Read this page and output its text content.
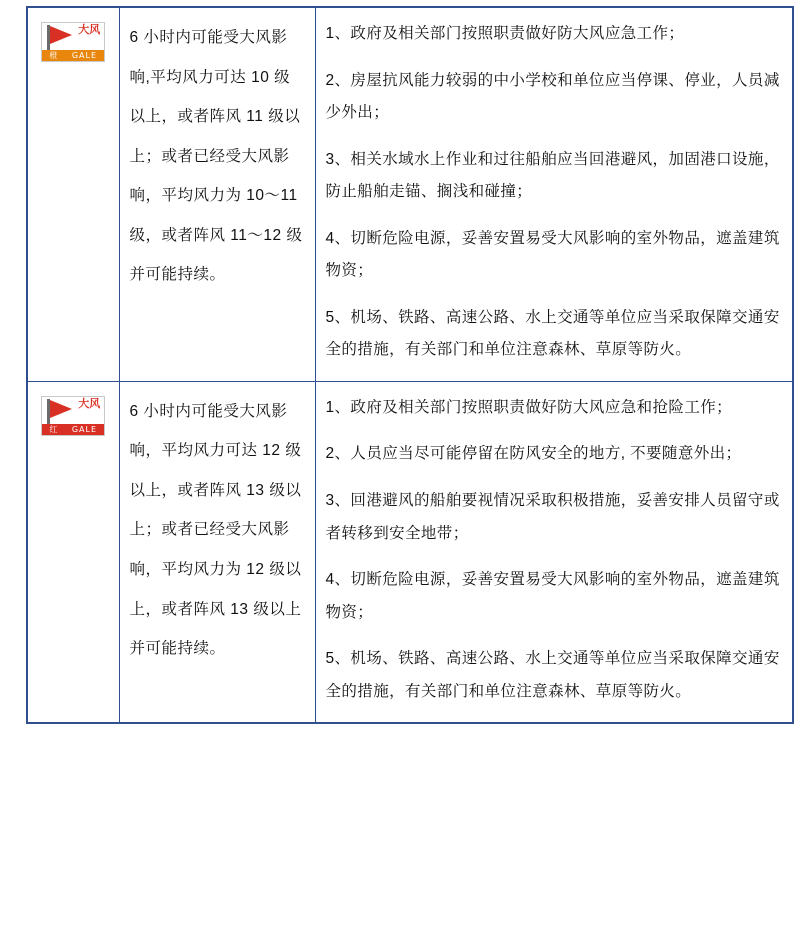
大风
橙	GALE

6 小时内可能受大风影响,平均风力可达 10 级以上，或者阵风 11 级以上；或者已经受大风影响，平均风力为 10～11 级，或者阵风 11～12 级并可能持续。

1、政府及相关部门按照职责做好防大风应急工作；
2、房屋抗风能力较弱的中小学校和单位应当停课、停业，人员减少外出；
3、相关水域水上作业和过往船舶应当回港避风，加固港口设施，防止船舶走锚、搁浅和碰撞；
4、切断危险电源，妥善安置易受大风影响的室外物品，遮盖建筑物资；
5、机场、铁路、高速公路、水上交通等单位应当采取保障交通安全的措施，有关部门和单位注意森林、草原等防火。

大风
红	GALE

6 小时内可能受大风影响，平均风力可达 12 级以上，或者阵风 13 级以上；或者已经受大风影响，平均风力为 12 级以上，或者阵风 13 级以上并可能持续。

1、政府及相关部门按照职责做好防大风应急和抢险工作；
2、人员应当尽可能停留在防风安全的地方, 不要随意外出；
3、回港避风的船舶要视情况采取积极措施，妥善安排人员留守或者转移到安全地带；
4、切断危险电源，妥善安置易受大风影响的室外物品，遮盖建筑物资；
5、机场、铁路、高速公路、水上交通等单位应当采取保障交通安全的措施，有关部门和单位注意森林、草原等防火。
